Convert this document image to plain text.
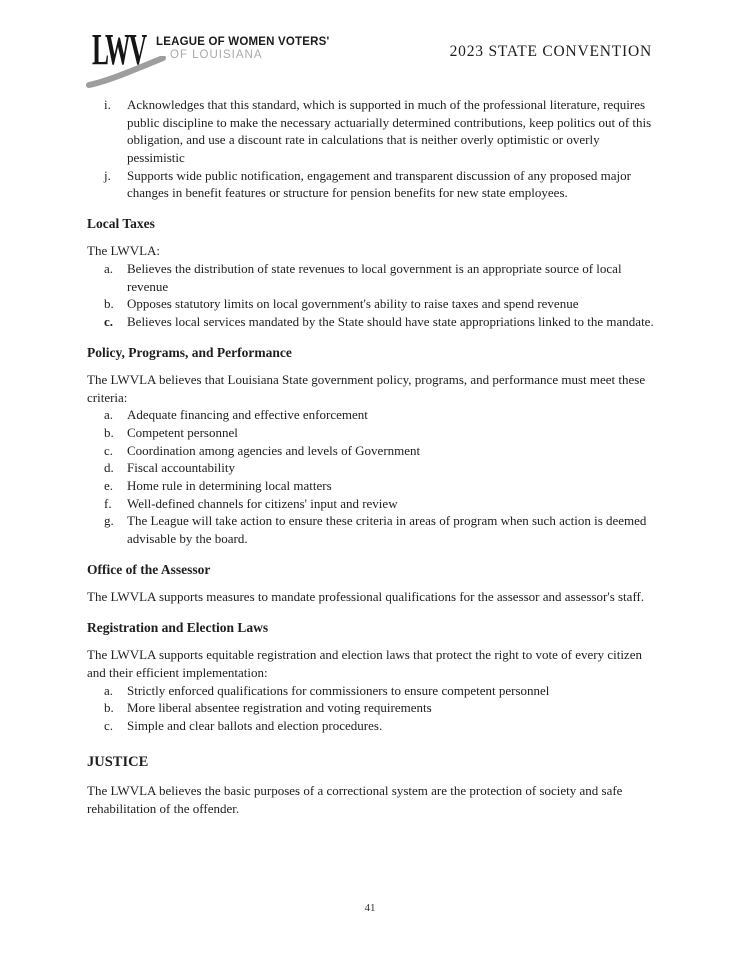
LWV LEAGUE OF WOMEN VOTERS'
OF LOUISIANA	2023 STATE CONVENTION
i.	Acknowledges that this standard, which is supported in much of the professional literature, requires public discipline to make the necessary actuarially determined contributions, keep politics out of this obligation, and use a discount rate in calculations that is neither overly optimistic or overly pessimistic
j.	Supports wide public notification, engagement and transparent discussion of any proposed major changes in benefit features or structure for pension benefits for new state employees.
Local Taxes

The LWVLA:

a.	Believes the distribution of state revenues to local government is an appropriate source of local revenue
b.	Opposes statutory limits on local government's ability to raise taxes and spend revenue
c.	Believes local services mandated by the State should have state appropriations linked to the mandate.
Policy, Programs, and Performance

The LWVLA believes that Louisiana State government policy, programs, and performance must meet these criteria:

a.	Adequate financing and effective enforcement
b.	Competent personnel
c.	Coordination among agencies and levels of Government
d.	Fiscal accountability
e.	Home rule in determining local matters
f.	Well-defined channels for citizens' input and review
g.	The League will take action to ensure these criteria in areas of program when such action is deemed advisable by the board.
Office of the Assessor

The LWVLA supports measures to mandate professional qualifications for the assessor and assessor's staff.

Registration and Election Laws

The LWVLA supports equitable registration and election laws that protect the right to vote of every citizen and their efficient implementation:

a.	Strictly enforced qualifications for commissioners to ensure competent personnel
b.	More liberal absentee registration and voting requirements
c.	Simple and clear ballots and election procedures.
JUSTICE

The LWVLA believes the basic purposes of a correctional system are the protection of society and safe rehabilitation of the offender.

41
